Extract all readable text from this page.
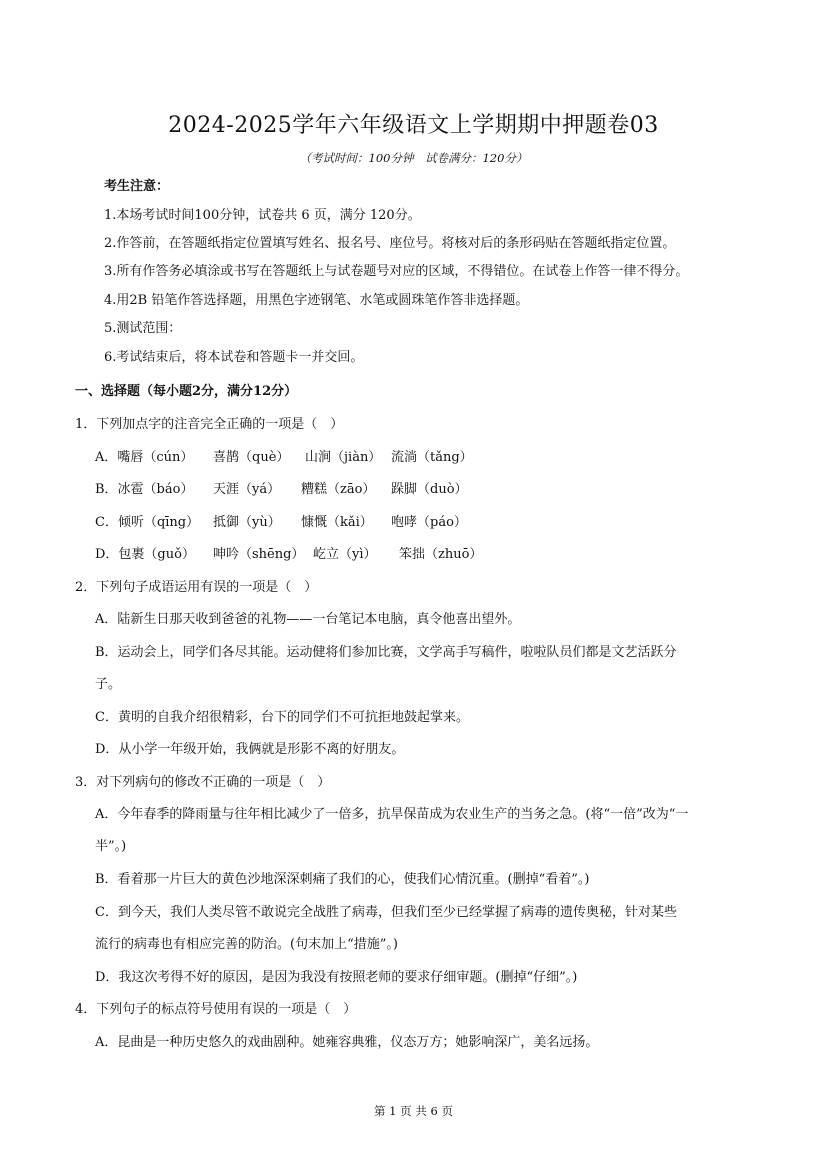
2024-2025学年六年级语文上学期期中押题卷03
（考试时间：100分钟　试卷满分：120分）
考生注意：
1.本场考试时间100分钟，试卷共 6 页，满分 120分。
2.作答前，在答题纸指定位置填写姓名、报名号、座位号。将核对后的条形码贴在答题纸指定位置。
3.所有作答务必填涂或书写在答题纸上与试卷题号对应的区域，不得错位。在试卷上作答一律不得分。
4.用2B 铅笔作答选择题，用黑色字迹钢笔、水笔或圆珠笔作答非选择题。
5.测试范围：
6.考试结束后，将本试卷和答题卡一并交回。
一、选择题（每小题2分，满分12分）
1．下列加点字的注音完全正确的一项是（　）
A．嘴唇（cún） 喜鹊（què） 山涧（jiàn） 流淌（tǎng）
B．冰雹（báo） 天涯（yá） 糟糕（zāo） 跺脚（duò）
C．倾听（qīng） 抵御（yù） 慷慨（kǎi） 咆哮（páo）
D．包裹（guǒ） 呻吟（shēng） 屹立（yì） 笨拙（zhuō）
2．下列句子成语运用有误的一项是（　）
A．陆新生日那天收到爸爸的礼物——一台笔记本电脑，真令他喜出望外。
B．运动会上，同学们各尽其能。运动健将们参加比赛，文学高手写稿件，啦啦队员们都是文艺活跃分
子。
C．黄明的自我介绍很精彩，台下的同学们不可抗拒地鼓起掌来。
D．从小学一年级开始，我俩就是形影不离的好朋友。
3．对下列病句的修改不正确的一项是（　）
A．今年春季的降雨量与往年相比减少了一倍多，抗旱保苗成为农业生产的当务之急。(将“一倍”改为“一
半”。)
B．看着那一片巨大的黄色沙地深深刺痛了我们的心，使我们心情沉重。(删掉“看着”。)
C．到今天，我们人类尽管不敢说完全战胜了病毒，但我们至少已经掌握了病毒的遗传奥秘，针对某些
流行的病毒也有相应完善的防治。(句末加上“措施”。)
D．我这次考得不好的原因，是因为我没有按照老师的要求仔细审题。(删掉“仔细”。)
4．下列句子的标点符号使用有误的一项是（　）
A．昆曲是一种历史悠久的戏曲剧种。她雍容典雅，仪态万方；她影响深广，美名远扬。
第 1 页 共 6 页
